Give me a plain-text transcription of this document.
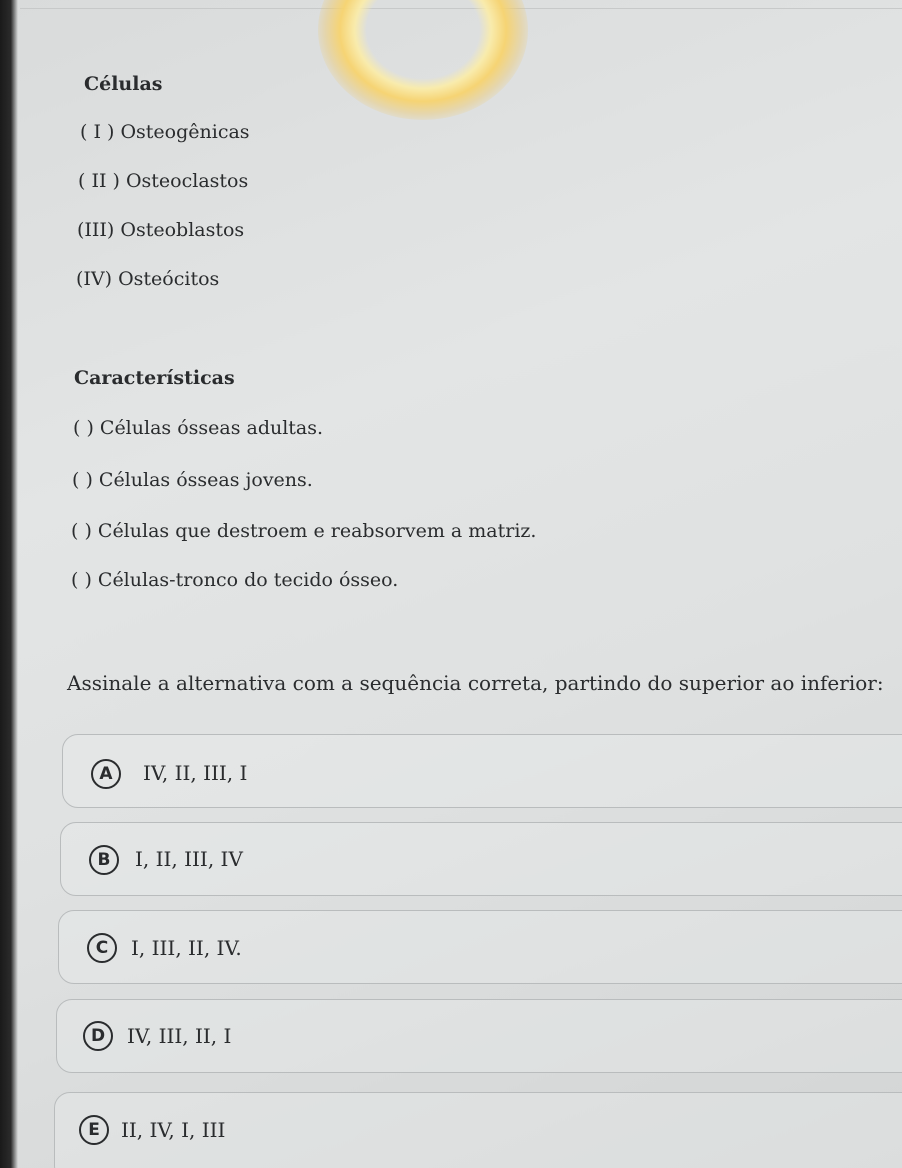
Células
( I ) Osteogênicas
( II ) Osteoclastos
(III) Osteoblastos
(IV) Osteócitos
Características
( ) Células ósseas adultas.
( ) Células ósseas jovens.
( ) Células que destroem e reabsorvem a matriz.
( ) Células-tronco do tecido ósseo.
Assinale a alternativa com a sequência correta, partindo do superior ao inferior:
A	IV, II, III, I
B	I, II, III, IV
C	I, III, II, IV.
D	IV, III, II, I
E	II, IV, I, III
